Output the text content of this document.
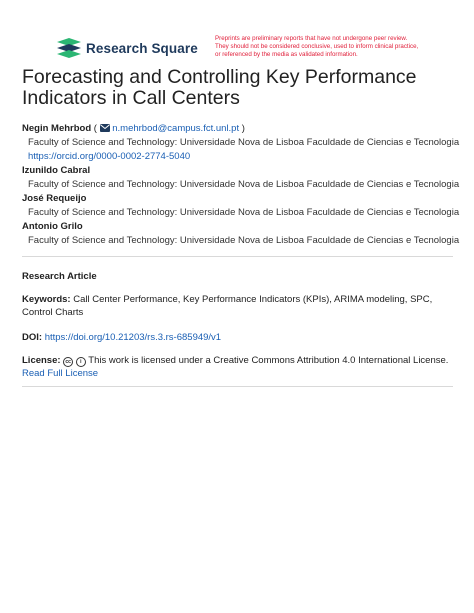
Research Square
Preprints are preliminary reports that have not undergone peer review.
They should not be considered conclusive, used to inform clinical practice,
or referenced by the media as validated information.
Forecasting and Controlling Key Performance
Indicators in Call Centers
Negin Mehrbod ( n.mehrbod@campus.fct.unl.pt )
Faculty of Science and Technology: Universidade Nova de Lisboa Faculdade de Ciencias e Tecnologia
https://orcid.org/0000-0002-2774-5040
Izunildo Cabral
Faculty of Science and Technology: Universidade Nova de Lisboa Faculdade de Ciencias e Tecnologia
José Requeijo
Faculty of Science and Technology: Universidade Nova de Lisboa Faculdade de Ciencias e Tecnologia
Antonio Grilo
Faculty of Science and Technology: Universidade Nova de Lisboa Faculdade de Ciencias e Tecnologia
Research Article
Keywords: Call Center Performance, Key Performance Indicators (KPIs), ARIMA modeling, SPC, Control Charts
DOI: https://doi.org/10.21203/rs.3.rs-685949/v1
License: cc i This work is licensed under a Creative Commons Attribution 4.0 International License.
Read Full License
